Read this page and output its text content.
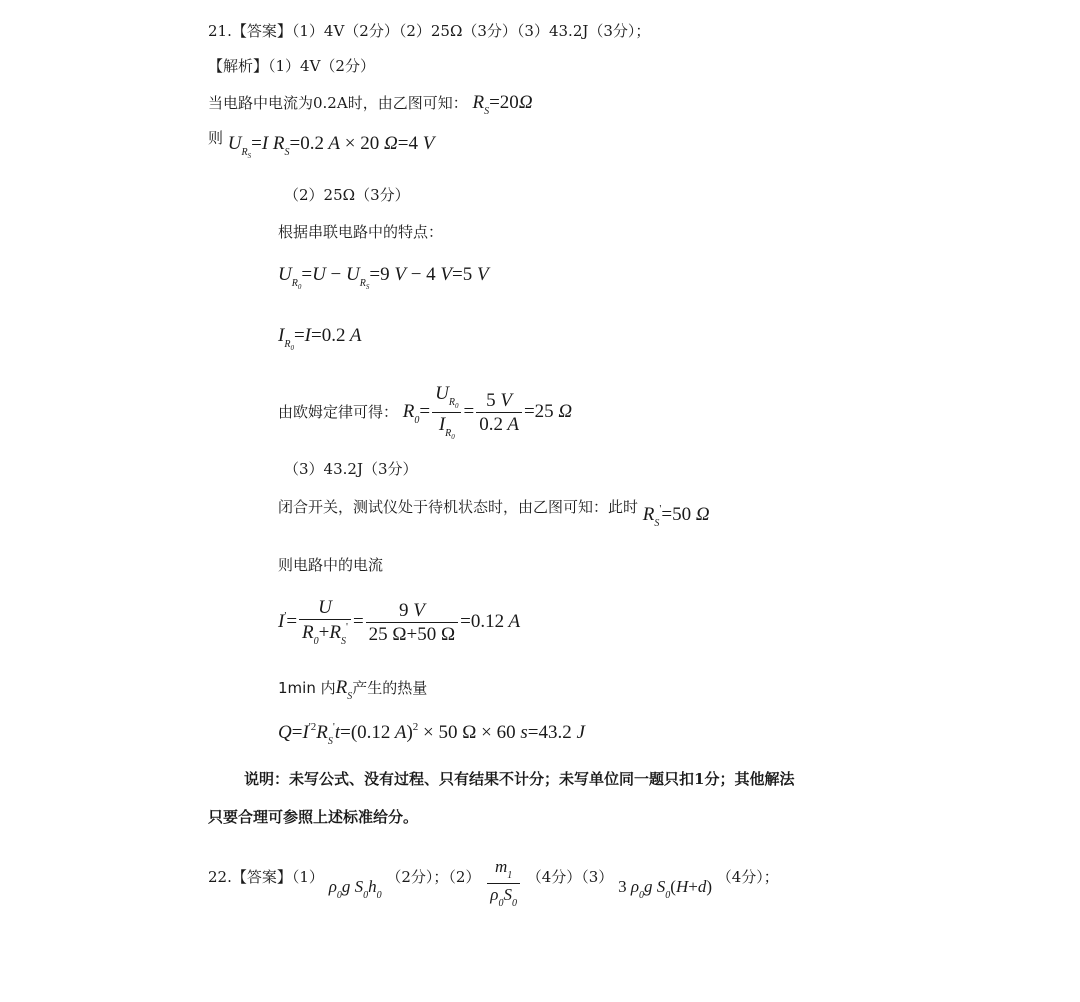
21.【答案】（1）4V（2分）（2）25Ω（3分）（3）43.2J（3分）；
【解析】（1）4V（2分）
当电路中电流为0.2A时，由乙图可知： $R_S=20\Omega$
则 $U_{R_S}=I$ $R_S=0.2$ A × 20 Ω=4 V
（2）25Ω（3分）
根据串联电路中的特点：
$U_{R_0}=U - U_{R_S}=9$ V − 4 V=5 V
$I_{R_0}=I=0.2$ A
由欧姆定律可得： $R_0= \frac{U_{R_0}}{I_{R_0}} = \frac{5 V}{0.2 A} =25$ Ω
（3）43.2J（3分）
闭合开关，测试仪处于待机状态时，由乙图可知：此时 $R_S'=50$ Ω
则电路中的电流
$I'= \frac{U}{R_0+R_S'} = \frac{9 V}{25 \Omega+50 \Omega} =0.12$ A
1min 内$R_S$产生的热量
$Q=I^{'2}R_S't=(0.12$ A)$^2$ × 50 Ω × 60 s=43.2 J
说明：未写公式、没有过程、只有结果不计分；未写单位同一题只扣1分；其他解法
只要合理可参照上述标准给分。
22.【答案】（1） $\rho_0g$ $S_0h_0$ （2分）；$(2) \frac{m_1}{\rho_0S_0} (4$分）（3） 3 $\rho_0g$ $S_0(H+d)$ （4分）；
